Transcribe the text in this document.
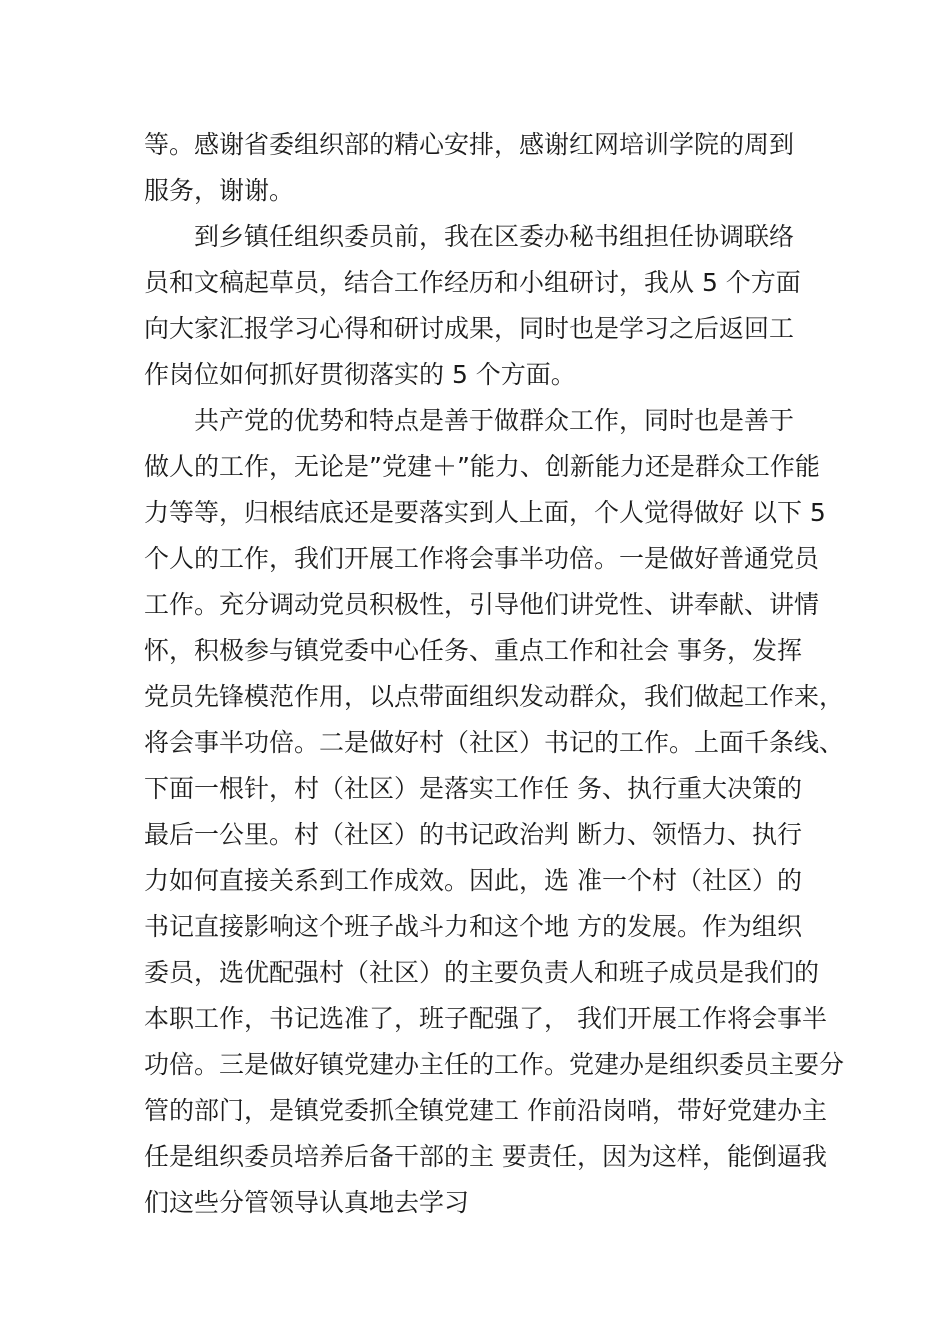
等。感谢省委组织部的精心安排，感谢红网培训学院的周到
服务，谢谢。
到乡镇任组织委员前，我在区委办秘书组担任协调联络
员和文稿起草员，结合工作经历和小组研讨，我从 5 个方面
向大家汇报学习心得和研讨成果，同时也是学习之后返回工
作岗位如何抓好贯彻落实的 5 个方面。
共产党的优势和特点是善于做群众工作，同时也是善于
做人的工作，无论是”党建＋”能力、创新能力还是群众工作能
力等等，归根结底还是要落实到人上面，个人觉得做好 以下 5
个人的工作，我们开展工作将会事半功倍。一是做好普通党员
工作。充分调动党员积极性，引导他们讲党性、讲奉献、讲情
怀，积极参与镇党委中心任务、重点工作和社会 事务，发挥
党员先锋模范作用，以点带面组织发动群众，我们做起工作来，
将会事半功倍。二是做好村（社区）书记的工作。上面千条线、
下面一根针，村（社区）是落实工作任 务、执行重大决策的
最后一公里。村（社区）的书记政治判 断力、领悟力、执行
力如何直接关系到工作成效。因此，选 准一个村（社区）的
书记直接影响这个班子战斗力和这个地 方的发展。作为组织
委员，选优配强村（社区）的主要负责人和班子成员是我们的
本职工作，书记选准了，班子配强了， 我们开展工作将会事半
功倍。三是做好镇党建办主任的工作。党建办是组织委员主要分
管的部门，是镇党委抓全镇党建工 作前沿岗哨，带好党建办主
任是组织委员培养后备干部的主 要责任，因为这样，能倒逼我
们这些分管领导认真地去学习
